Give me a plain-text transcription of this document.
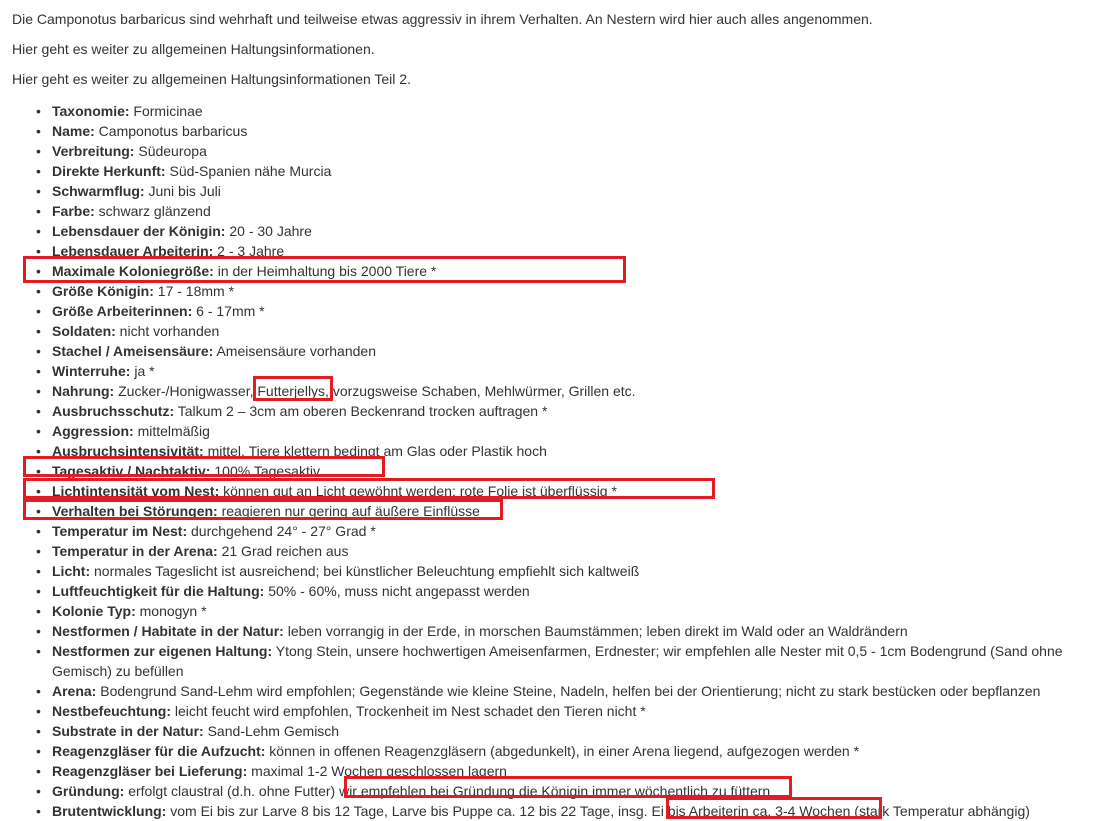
Die Camponotus barbaricus sind wehrhaft und teilweise etwas aggressiv in ihrem Verhalten. An Nestern wird hier auch alles angenommen.

Hier geht es weiter zu allgemeinen Haltungsinformationen.

Hier geht es weiter zu allgemeinen Haltungsinformationen Teil 2.

• Taxonomie: Formicinae
• Name: Camponotus barbaricus
• Verbreitung: Südeuropa
• Direkte Herkunft: Süd-Spanien nähe Murcia
• Schwarmflug: Juni bis Juli
• Farbe: schwarz glänzend
• Lebensdauer der Königin: 20 - 30 Jahre
• Lebensdauer Arbeiterin: 2 - 3 Jahre
• Maximale Koloniegröße: in der Heimhaltung bis 2000 Tiere *
• Größe Königin: 17 - 18mm *
• Größe Arbeiterinnen: 6 - 17mm *
• Soldaten: nicht vorhanden
• Stachel / Ameisensäure: Ameisensäure vorhanden
• Winterruhe: ja *
• Nahrung: Zucker-/Honigwasser, Futterjellys, vorzugsweise Schaben, Mehlwürmer, Grillen etc.
• Ausbruchsschutz: Talkum 2 – 3cm am oberen Beckenrand trocken auftragen *
• Aggression: mittelmäßig
• Ausbruchsintensivität: mittel, Tiere klettern bedingt am Glas oder Plastik hoch
• Tagesaktiv / Nachtaktiv: 100% Tagesaktiv
• Lichtintensität vom Nest: können gut an Licht gewöhnt werden; rote Folie ist überflüssig *
• Verhalten bei Störungen: reagieren nur gering auf äußere Einflüsse
• Temperatur im Nest: durchgehend 24° - 27° Grad *
• Temperatur in der Arena: 21 Grad reichen aus
• Licht: normales Tageslicht ist ausreichend; bei künstlicher Beleuchtung empfiehlt sich kaltweiß
• Luftfeuchtigkeit für die Haltung: 50% - 60%, muss nicht angepasst werden
• Kolonie Typ: monogyn *
• Nestformen / Habitate in der Natur: leben vorrangig in der Erde, in morschen Baumstämmen; leben direkt im Wald oder an Waldrändern
• Nestformen zur eigenen Haltung: Ytong Stein, unsere hochwertigen Ameisenfarmen, Erdnester; wir empfehlen alle Nester mit 0,5 - 1cm Bodengrund (Sand ohne Gemisch) zu befüllen
• Arena: Bodengrund Sand-Lehm wird empfohlen; Gegenstände wie kleine Steine, Nadeln, helfen bei der Orientierung; nicht zu stark bestücken oder bepflanzen
• Nestbefeuchtung: leicht feucht wird empfohlen, Trockenheit im Nest schadet den Tieren nicht *
• Substrate in der Natur: Sand-Lehm Gemisch
• Reagenzgläser für die Aufzucht: können in offenen Reagenzgläsern (abgedunkelt), in einer Arena liegend, aufgezogen werden *
• Reagenzgläser bei Lieferung: maximal 1-2 Wochen geschlossen lagern
• Gründung: erfolgt claustral (d.h. ohne Futter) wir empfehlen bei Gründung die Königin immer wöchentlich zu füttern
• Brutentwicklung: vom Ei bis zur Larve 8 bis 12 Tage, Larve bis Puppe ca. 12 bis 22 Tage, insg. Ei bis Arbeiterin ca. 3-4 Wochen (stark Temperatur abhängig)
